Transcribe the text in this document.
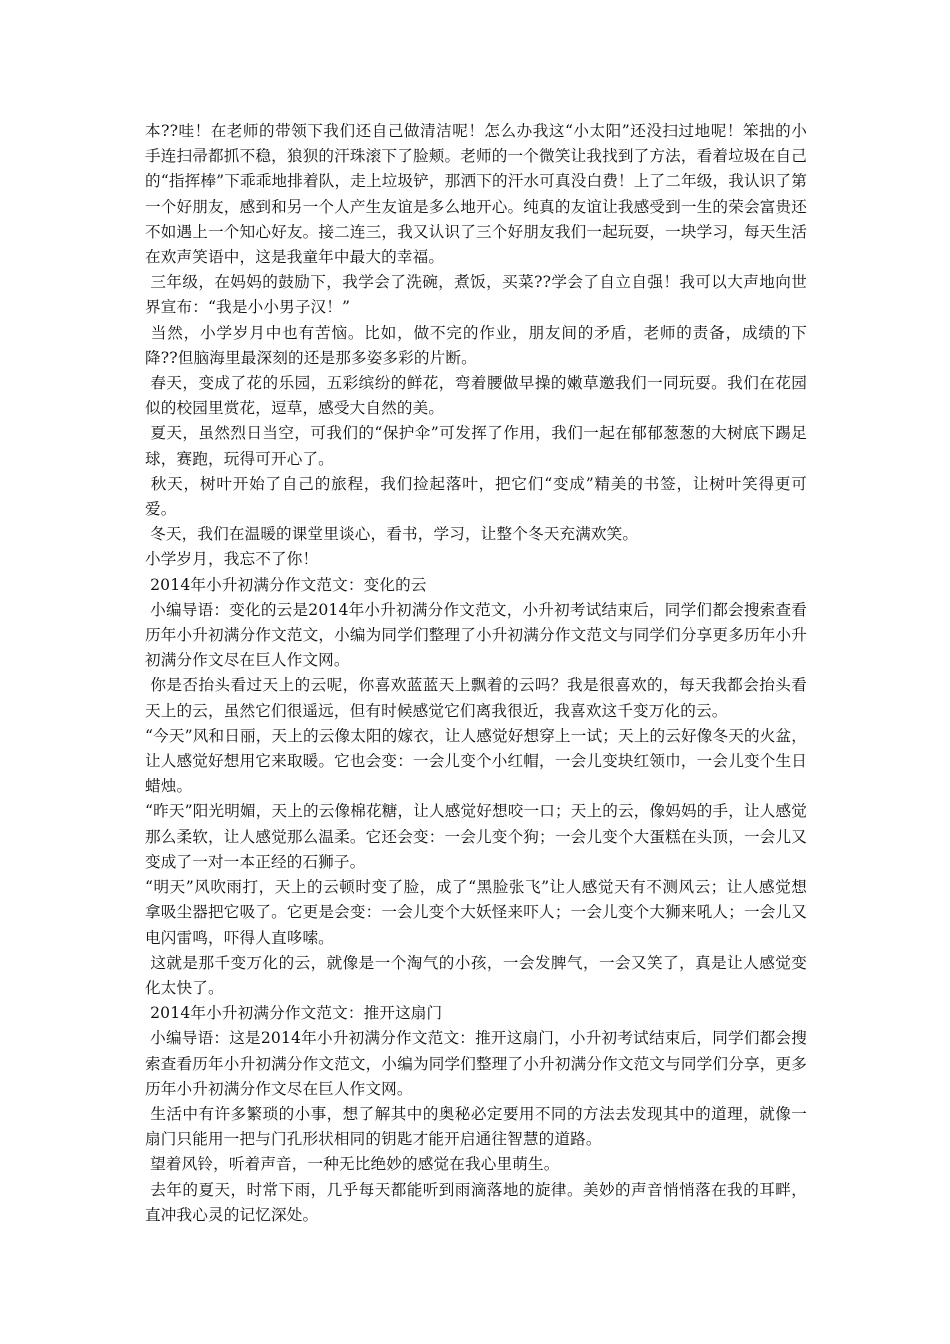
本??哇！在老师的带领下我们还自己做清洁呢！怎么办我这“小太阳”还没扫过地呢！笨拙的小手连扫帚都抓不稳，狼狈的汗珠滚下了脸颊。老师的一个微笑让我找到了方法，看着垃圾在自己的“指挥棒”下乖乖地排着队，走上垃圾铲，那洒下的汗水可真没白费！上了二年级，我认识了第一个好朋友，感到和另一个人产生友谊是多么地开心。纯真的友谊让我感受到一生的荣会富贵还不如遇上一个知心好友。接二连三，我又认识了三个好朋友我们一起玩耍，一块学习，每天生活在欢声笑语中，这是我童年中最大的幸福。

三年级，在妈妈的鼓励下，我学会了洗碗，煮饭，买菜??学会了自立自强！我可以大声地向世界宣布：“我是小小男子汉！”

当然，小学岁月中也有苦恼。比如，做不完的作业，朋友间的矛盾，老师的责备，成绩的下降??但脑海里最深刻的还是那多姿多彩的片断。

春天，变成了花的乐园，五彩缤纷的鲜花，弯着腰做早操的嫩草邀我们一同玩耍。我们在花园似的校园里赏花，逗草，感受大自然的美。

夏天，虽然烈日当空，可我们的“保护伞”可发挥了作用，我们一起在郁郁葱葱的大树底下踢足球，赛跑，玩得可开心了。

秋天，树叶开始了自己的旅程，我们捡起落叶，把它们“变成”精美的书签，让树叶笑得更可爱。

冬天，我们在温暖的课堂里谈心，看书，学习，让整个冬天充满欢笑。

小学岁月，我忘不了你！

2014年小升初满分作文范文：变化的云

小编导语：变化的云是2014年小升初满分作文范文，小升初考试结束后，同学们都会搜索查看历年小升初满分作文范文，小编为同学们整理了小升初满分作文范文与同学们分享更多历年小升初满分作文尽在巨人作文网。

你是否抬头看过天上的云呢，你喜欢蓝蓝天上飘着的云吗？我是很喜欢的，每天我都会抬头看天上的云，虽然它们很遥远，但有时候感觉它们离我很近，我喜欢这千变万化的云。

“今天”风和日丽，天上的云像太阳的嫁衣，让人感觉好想穿上一试；天上的云好像冬天的火盆，让人感觉好想用它来取暖。它也会变：一会儿变个小红帽，一会儿变块红领巾，一会儿变个生日蜡烛。

“昨天”阳光明媚，天上的云像棉花糖，让人感觉好想咬一口；天上的云，像妈妈的手，让人感觉那么柔软，让人感觉那么温柔。它还会变：一会儿变个狗；一会儿变个大蛋糕在头顶，一会儿又变成了一对一本正经的石狮子。

“明天”风吹雨打，天上的云顿时变了脸，成了“黑脸张飞”让人感觉天有不测风云；让人感觉想拿吸尘器把它吸了。它更是会变：一会儿变个大妖怪来吓人；一会儿变个大狮来吼人；一会儿又电闪雷鸣，吓得人直哆嗦。

这就是那千变万化的云，就像是一个淘气的小孩，一会发脾气，一会又笑了，真是让人感觉变化太快了。

2014年小升初满分作文范文：推开这扇门

小编导语：这是2014年小升初满分作文范文：推开这扇门，小升初考试结束后，同学们都会搜索查看历年小升初满分作文范文，小编为同学们整理了小升初满分作文范文与同学们分享，更多历年小升初满分作文尽在巨人作文网。

生活中有许多繁琐的小事，想了解其中的奥秘必定要用不同的方法去发现其中的道理，就像一扇门只能用一把与门孔形状相同的钥匙才能开启通往智慧的道路。

望着风铃，听着声音，一种无比绝妙的感觉在我心里萌生。

去年的夏天，时常下雨，几乎每天都能听到雨滴落地的旋律。美妙的声音悄悄落在我的耳畔，直冲我心灵的记忆深处。
